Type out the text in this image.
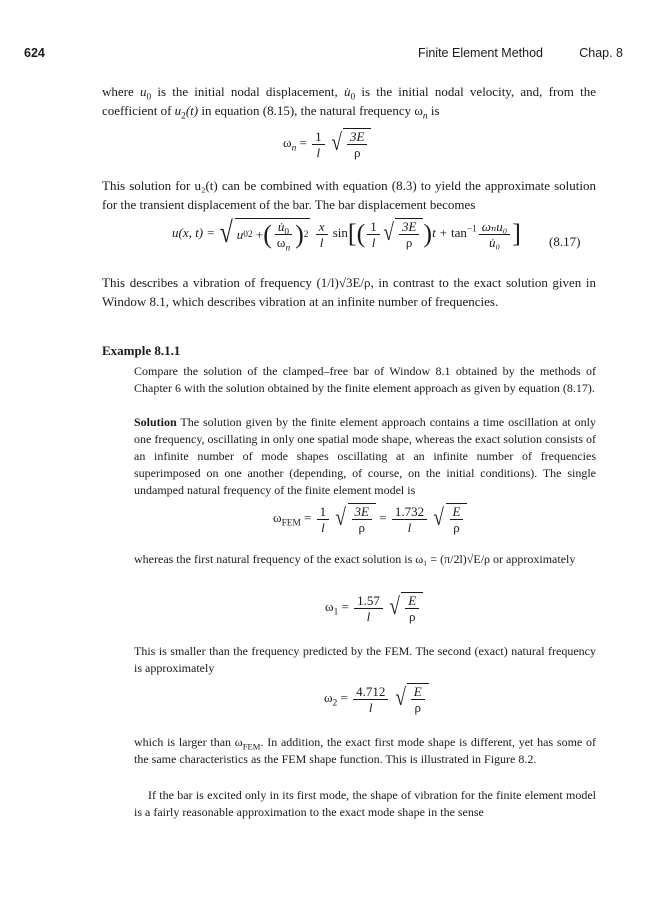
624	Finite Element Method	Chap. 8

where $u_0$ is the initial nodal displacement, $u̇_0$ is the initial nodal velocity, and, from the coefficient of $u_2(t)$ in equation (8.15), the natural frequency $\omega_n$ is

$\omega_n = \frac{1}{l}$
√ $\frac{3E}{\rho}$

This solution for u₂(t) can be combined with equation (8.3) to yield the approximate solution for the transient displacement of the bar. The bar displacement becomes

u(x, t) = √ u 0 2
+ ( $\frac{u̇_0}{\omega_n}$ ) 2
$\frac{x}{l} \sin[( \frac{1}{l}$ √ $\frac{3E}{\rho} )t + \tan^{-1} \frac{\text{ωₙu₀}}{\text{u̇₀}}$ ] (8.17)

This describes a vibration of frequency (1/l)√3E/ρ, in contrast to the exact solution given in Window 8.1, which describes vibration at an infinite number of frequencies.

Example 8.1.1

Compare the solution of the clamped–free bar of Window 8.1 obtained by the methods of Chapter 6 with the solution obtained by the finite element approach as given by equation (8.17).

Solution The solution given by the finite element approach contains a time oscillation at only one frequency, oscillating in only one spatial mode shape, whereas the exact solution consists of an infinite number of mode shapes oscillating at an infinite number of frequencies superimposed on one another (depending, of course, on the initial conditions). The single undamped natural frequency of the finite element model is

$\omega_{FEM} = \frac{1}{l}$
√ $\frac{3E}{\rho} = \frac{1.732}{l}$
√ $\frac{E}{\rho}$

whereas the first natural frequency of the exact solution is ω₁ = (π/2l)√E/ρ or approximately

$\omega_1 = \frac{1.57}{l}$
√ $\frac{E}{\rho}$

This is smaller than the frequency predicted by the FEM. The second (exact) natural frequency is approximately

$\omega_2 = \frac{4.712}{l}$
√ $\frac{E}{\rho}$

which is larger than $\omega_{FEM}$. In addition, the exact first mode shape is different, yet has some of the same characteristics as the FEM shape function. This is illustrated in Figure 8.2.

If the bar is excited only in its first mode, the shape of vibration for the finite element model is a fairly reasonable approximation to the exact mode shape in the sense
